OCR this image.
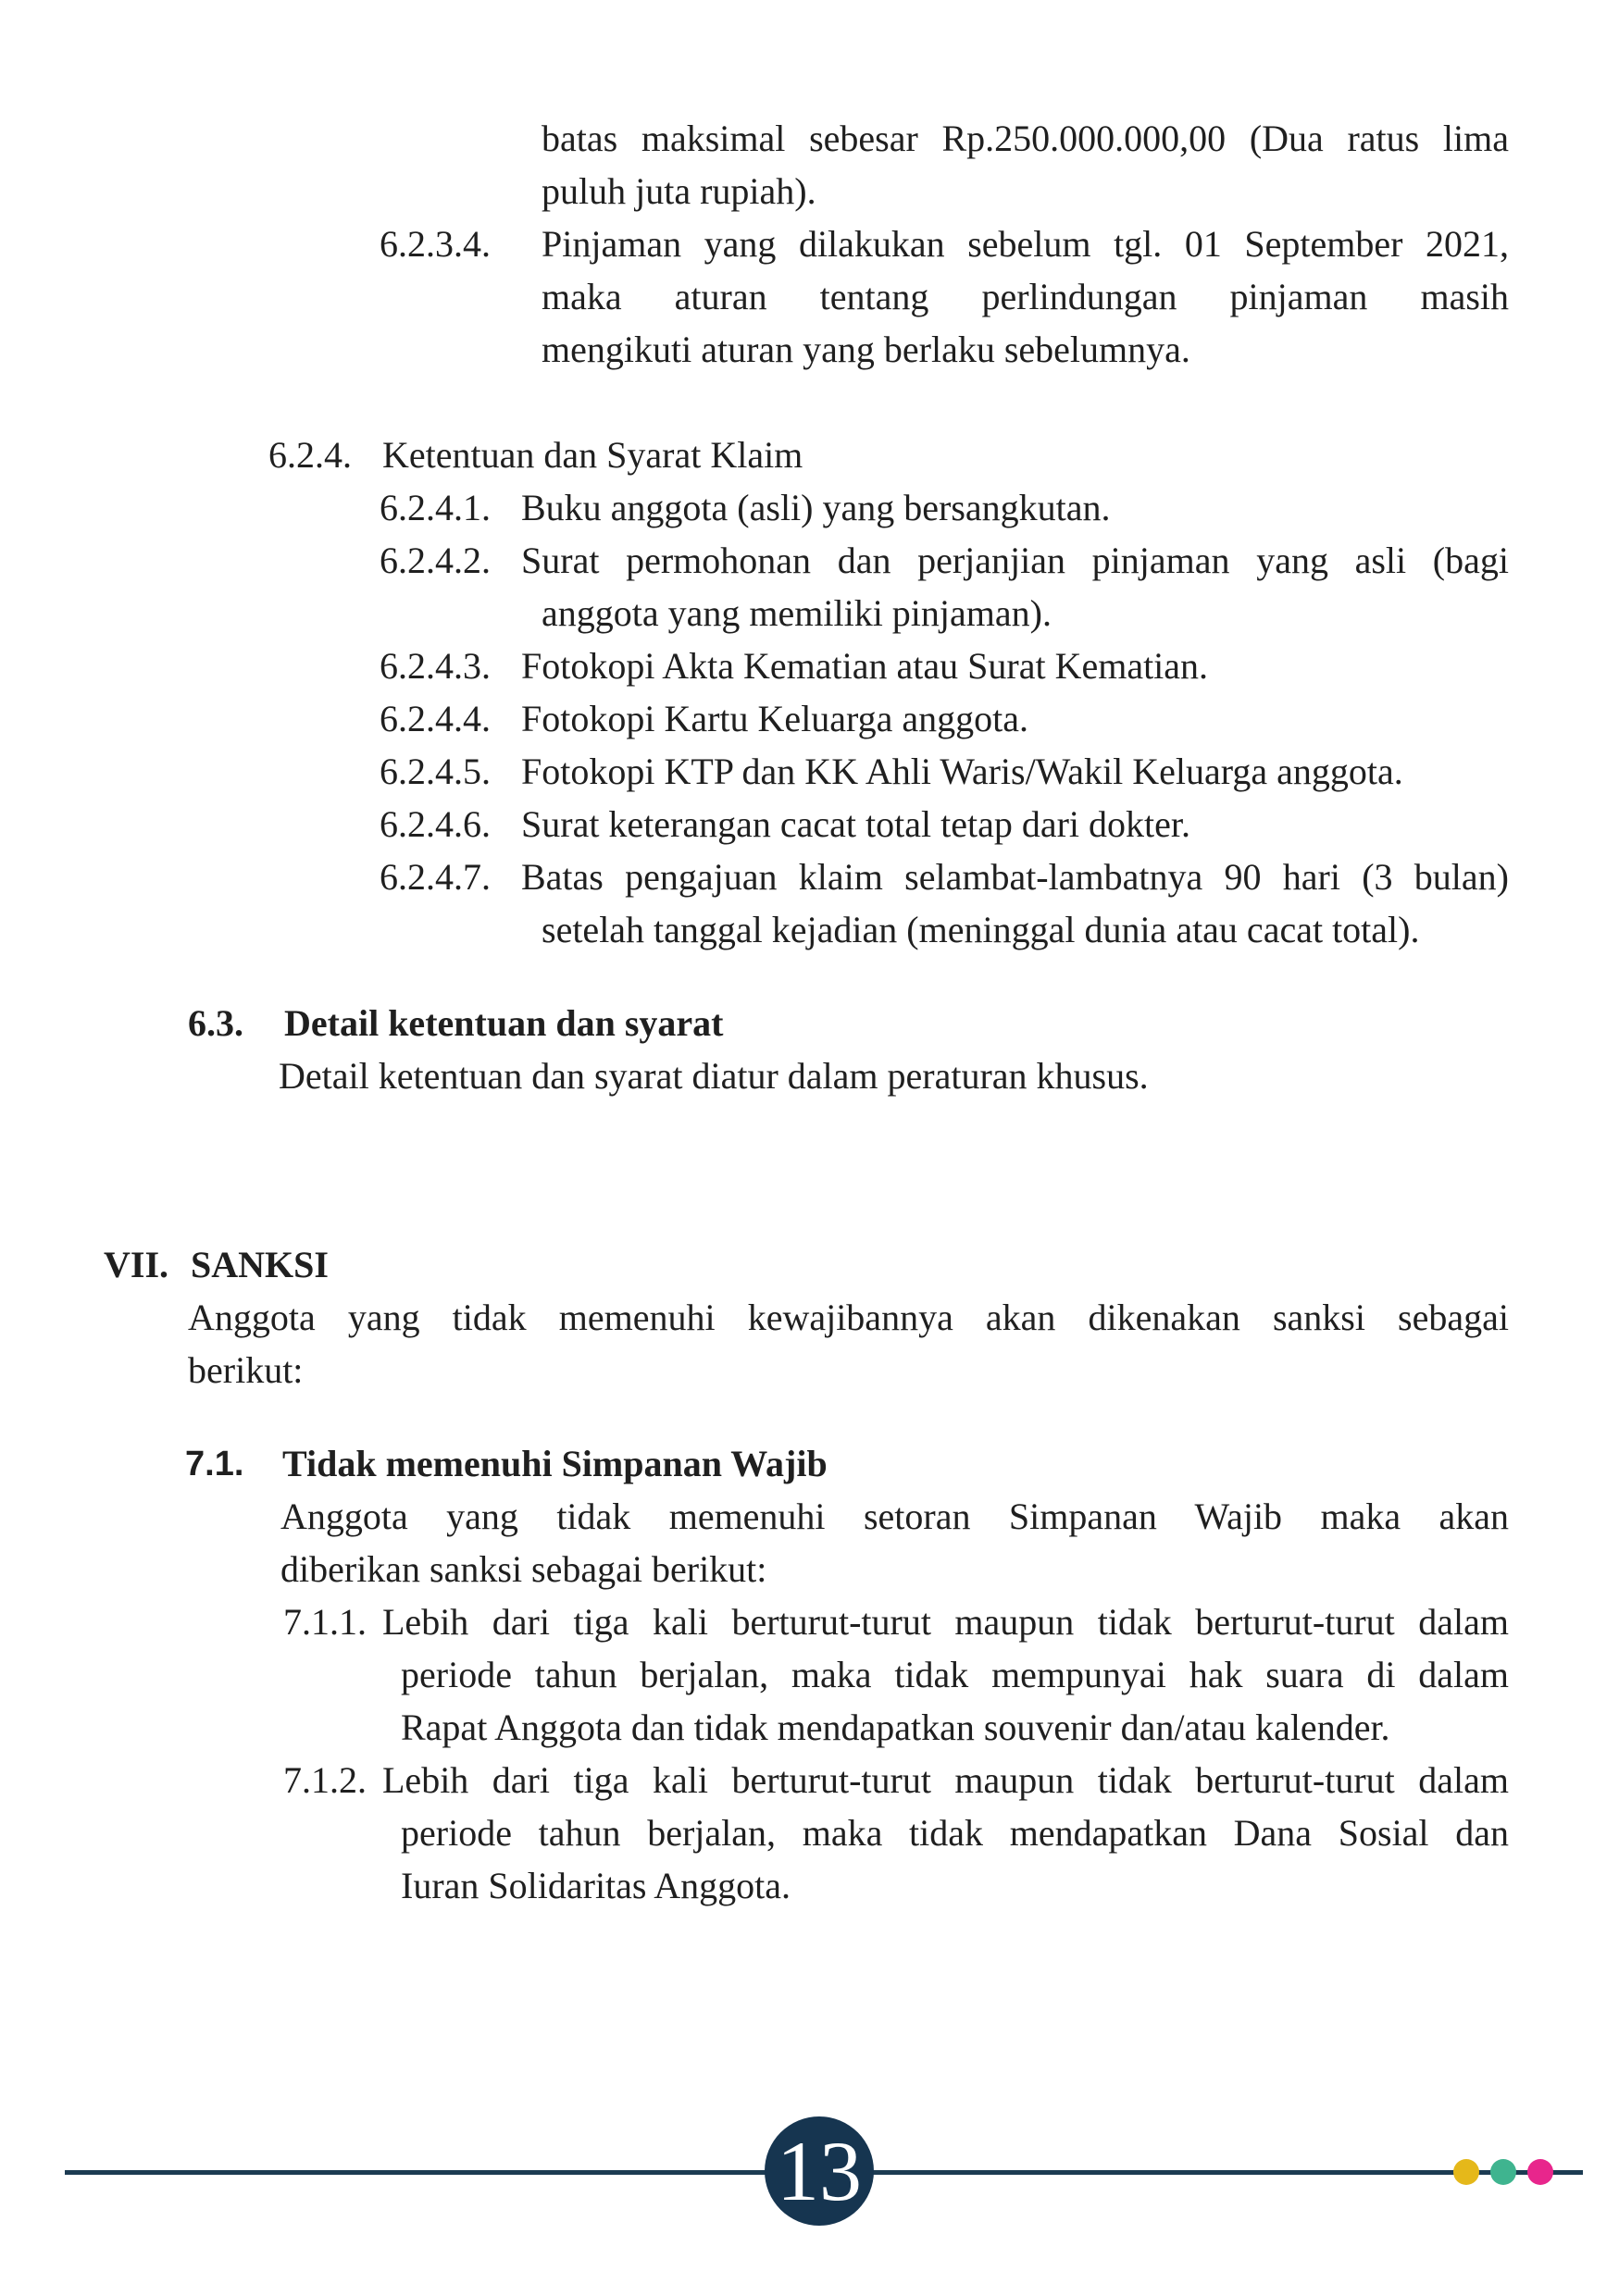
batas maksimal sebesar Rp.250.000.000,00 (Dua ratus lima
puluh juta rupiah).
6.2.3.4. Pinjaman yang dilakukan sebelum tgl. 01 September 2021,
maka aturan tentang perlindungan pinjaman masih
mengikuti aturan yang berlaku sebelumnya.
6.2.4. Ketentuan dan Syarat Klaim
6.2.4.1. Buku anggota (asli) yang bersangkutan.
6.2.4.2. Surat permohonan dan perjanjian pinjaman yang asli (bagi
anggota yang memiliki pinjaman).
6.2.4.3. Fotokopi Akta Kematian atau Surat Kematian.
6.2.4.4. Fotokopi Kartu Keluarga anggota.
6.2.4.5. Fotokopi KTP dan KK Ahli Waris/Wakil Keluarga anggota.
6.2.4.6. Surat keterangan cacat total tetap dari dokter.
6.2.4.7. Batas pengajuan klaim selambat-lambatnya 90 hari (3 bulan)
setelah tanggal kejadian (meninggal dunia atau cacat total).
6.3. Detail ketentuan dan syarat
Detail ketentuan dan syarat diatur dalam peraturan khusus.
VII. SANKSI
Anggota yang tidak memenuhi kewajibannya akan dikenakan sanksi sebagai
berikut:
7.1. Tidak memenuhi Simpanan Wajib
Anggota yang tidak memenuhi setoran Simpanan Wajib maka akan
diberikan sanksi sebagai berikut:
7.1.1. Lebih dari tiga kali berturut-turut maupun tidak berturut-turut dalam
periode tahun berjalan, maka tidak mempunyai hak suara di dalam
Rapat Anggota dan tidak mendapatkan souvenir dan/atau kalender.
7.1.2. Lebih dari tiga kali berturut-turut maupun tidak berturut-turut dalam
periode tahun berjalan, maka tidak mendapatkan Dana Sosial dan
Iuran Solidaritas Anggota.
13
